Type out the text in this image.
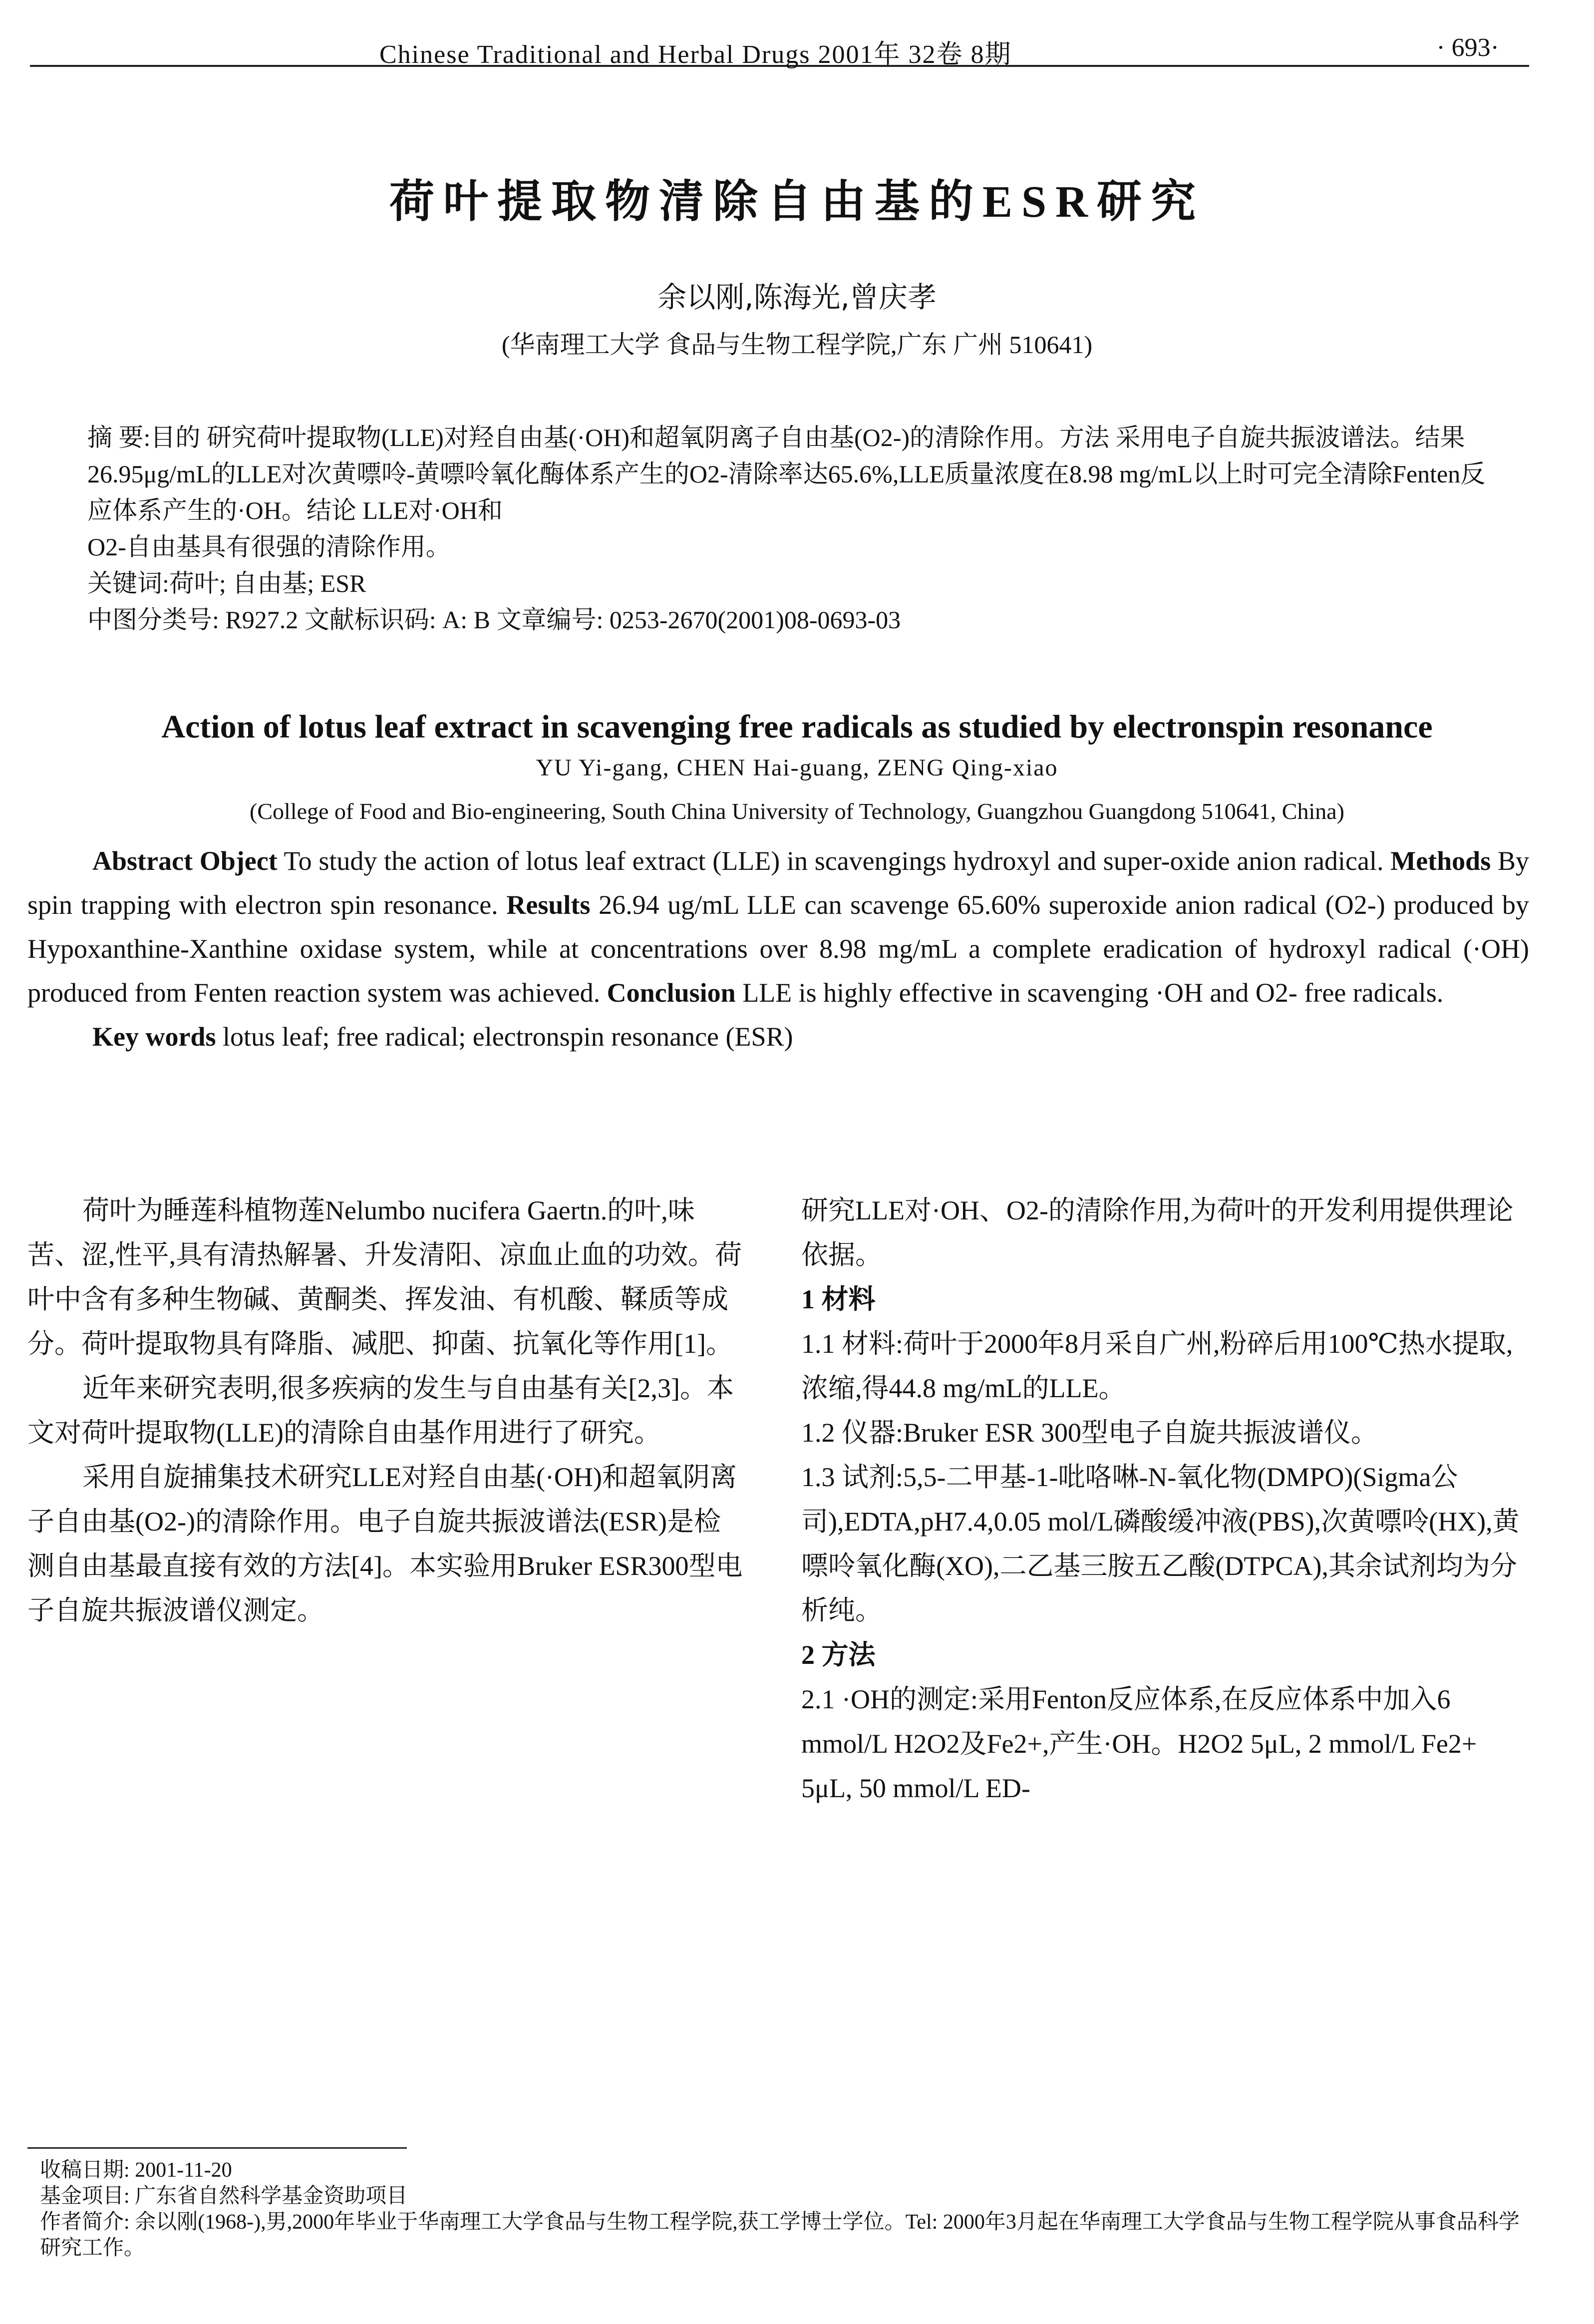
Chinese Traditional and Herbal Drugs 2001年 32卷 8期	· 693·
荷叶提取物清除自由基的ESR研究
余以刚,陈海光,曾庆孝
(华南理工大学 食品与生物工程学院,广东 广州 510641)

摘 要:目的 研究荷叶提取物(LLE)对羟自由基(·OH)和超氧阴离子自由基(O2-)的清除作用。方法 采用电子自旋共振波谱法。结果 26.95μg/mL的LLE对次黄嘌呤-黄嘌呤氧化酶体系产生的O2-清除率达65.6%,LLE质量浓度在8.98 mg/mL以上时可完全清除Fenten反应体系产生的·OH。结论 LLE对·OH和

O2-自由基具有很强的清除作用。

关键词:荷叶; 自由基; ESR

中图分类号: R927.2 文献标识码: A: B 文章编号: 0253-2670(2001)08-0693-03

Action of lotus leaf extract in scavenging free radicals as studied by electronspin resonance
YU Yi-gang, CHEN Hai-guang, ZENG Qing-xiao
(College of Food and Bio-engineering, South China University of Technology, Guangzhou Guangdong 510641, China)

Abstract Object To study the action of lotus leaf extract (LLE) in scavengings hydroxyl and super-oxide anion radical. Methods By spin trapping with electron spin resonance. Results 26.94 ug/mL LLE can scavenge 65.60% superoxide anion radical (O2-) produced by Hypoxanthine-Xanthine oxidase system, while at concentrations over 8.98 mg/mL a complete eradication of hydroxyl radical (·OH) produced from Fenten reaction system was achieved. Conclusion LLE is highly effective in scavenging ·OH and O2- free radicals.

Key words lotus leaf; free radical; electronspin resonance (ESR)

荷叶为睡莲科植物莲Nelumbo nucifera Gaertn.的叶,味苦、涩,性平,具有清热解暑、升发清阳、凉血止血的功效。荷叶中含有多种生物碱、黄酮类、挥发油、有机酸、鞣质等成分。荷叶提取物具有降脂、减肥、抑菌、抗氧化等作用[1]。

近年来研究表明,很多疾病的发生与自由基有关[2,3]。本文对荷叶提取物(LLE)的清除自由基作用进行了研究。

采用自旋捕集技术研究LLE对羟自由基(·OH)和超氧阴离子自由基(O2-)的清除作用。电子自旋共振波谱法(ESR)是检测自由基最直接有效的方法[4]。本实验用Bruker ESR300型电子自旋共振波谱仪测定。

研究LLE对·OH、O2-的清除作用,为荷叶的开发利用提供理论依据。

1 材料

1.1 材料:荷叶于2000年8月采自广州,粉碎后用100℃热水提取,浓缩,得44.8 mg/mL的LLE。

1.2 仪器:Bruker ESR 300型电子自旋共振波谱仪。

1.3 试剂:5,5-二甲基-1-吡咯啉-N-氧化物(DMPO)(Sigma公司),EDTA,pH7.4,0.05 mol/L磷酸缓冲液(PBS),次黄嘌呤(HX),黄嘌呤氧化酶(XO),二乙基三胺五乙酸(DTPCA),其余试剂均为分析纯。

2 方法

2.1 ·OH的测定:采用Fenton反应体系,在反应体系中加入6 mmol/L H2O2及Fe2+,产生·OH。H2O2 5μL, 2 mmol/L Fe2+ 5μL, 50 mmol/L ED-

收稿日期: 2001-11-20

基金项目: 广东省自然科学基金资助项目

作者简介: 余以刚(1968-),男,2000年毕业于华南理工大学食品与生物工程学院,获工学博士学位。Tel: 2000年3月起在华南理工大学食品与生物工程学院从事食品科学研究工作。
